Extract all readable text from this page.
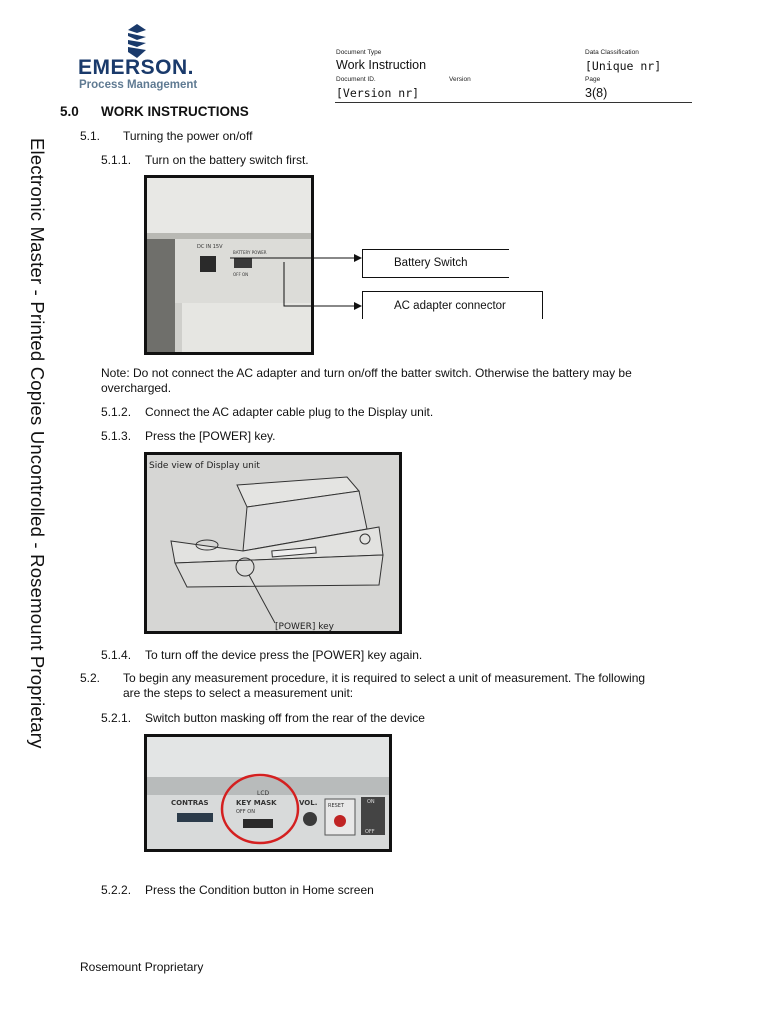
EMERSON.
Process Management
Document Type
Work Instruction
Document ID.
[Version nr]
Version
Data Classification
[Unique nr]
Page
3(8)
Electronic Master - Printed Copies Uncontrolled - Rosemount Proprietary
5.0 WORK INSTRUCTIONS
5.1. Turning the power on/off
5.1.1. Turn on the battery switch first.
DC IN 15V
BATTERY POWER
OFF ON
Battery Switch
AC adapter connector
Note: Do not connect the AC adapter and turn on/off the batter switch. Otherwise the battery may be overcharged.
5.1.2. Connect the AC adapter cable plug to the Display unit.
5.1.3. Press the [POWER] key.
Side view of Display unit
[POWER] key
5.1.4. To turn off the device press the [POWER] key again.
5.2. To begin any measurement procedure, it is required to select a unit of measurement. The following are the steps to select a measurement unit:
5.2.1. Switch button masking off from the rear of the device
CONTRAS
LCD
KEY MASK
OFF ON
VOL. RESET
ON
OFF
5.2.2. Press the Condition button in Home screen
Rosemount Proprietary
